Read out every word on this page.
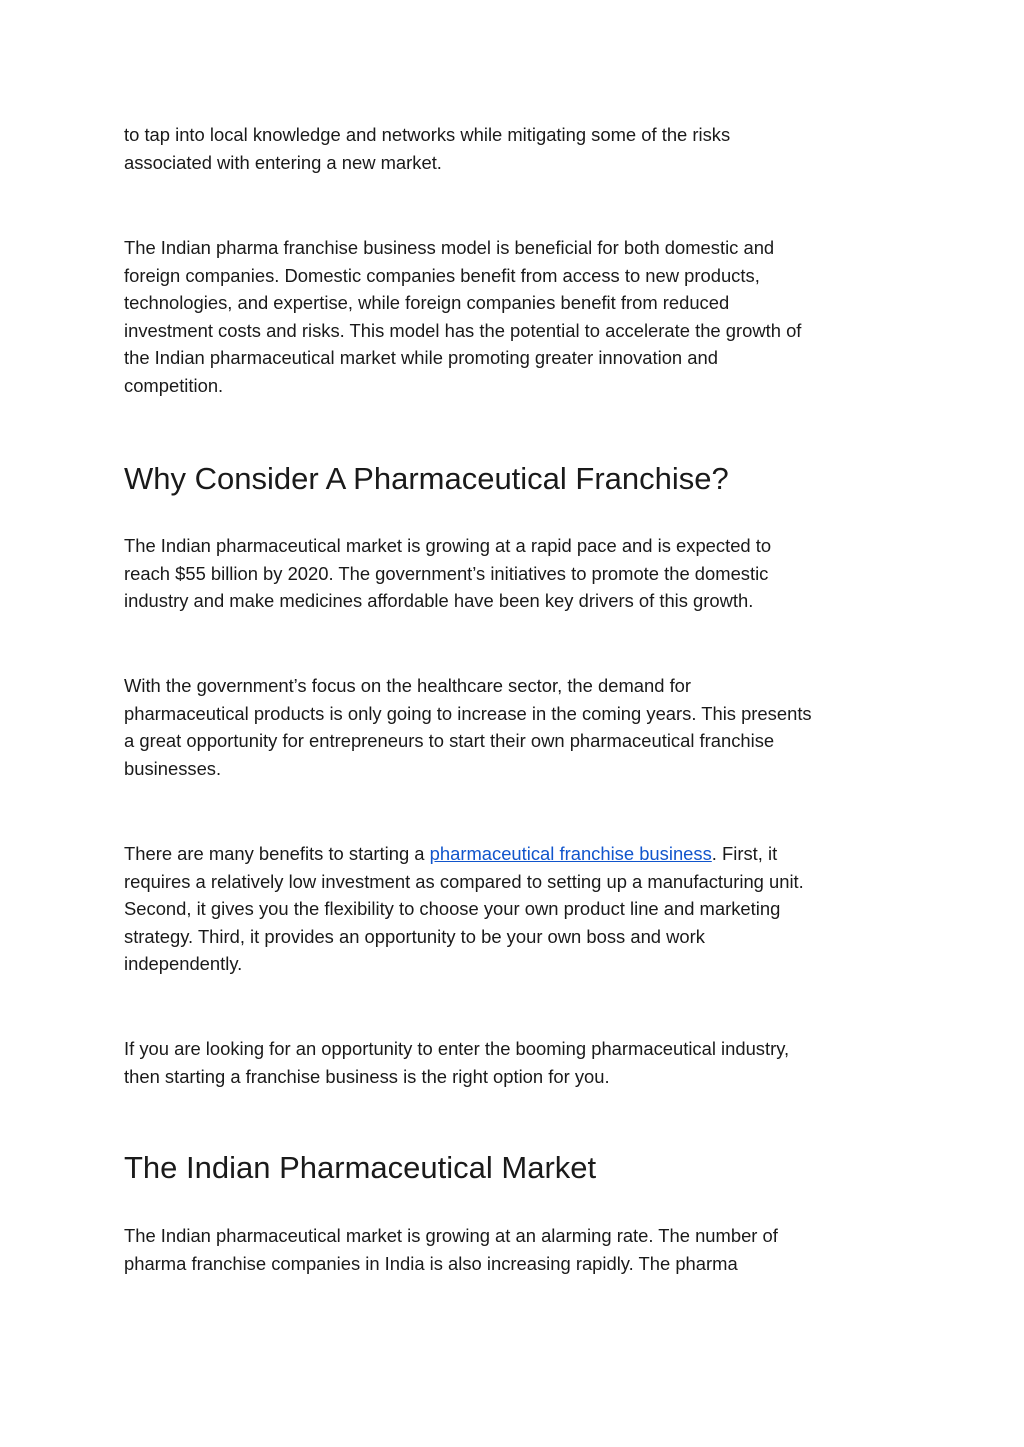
to tap into local knowledge and networks while mitigating some of the risks
associated with entering a new market.

The Indian pharma franchise business model is beneficial for both domestic and
foreign companies. Domestic companies benefit from access to new products,
technologies, and expertise, while foreign companies benefit from reduced
investment costs and risks. This model has the potential to accelerate the growth of
the Indian pharmaceutical market while promoting greater innovation and
competition.

Why Consider A Pharmaceutical Franchise?

The Indian pharmaceutical market is growing at a rapid pace and is expected to
reach $55 billion by 2020. The government’s initiatives to promote the domestic
industry and make medicines affordable have been key drivers of this growth.

With the government’s focus on the healthcare sector, the demand for
pharmaceutical products is only going to increase in the coming years. This presents
a great opportunity for entrepreneurs to start their own pharmaceutical franchise
businesses.

There are many benefits to starting a pharmaceutical franchise business. First, it
requires a relatively low investment as compared to setting up a manufacturing unit.
Second, it gives you the flexibility to choose your own product line and marketing
strategy. Third, it provides an opportunity to be your own boss and work
independently.

If you are looking for an opportunity to enter the booming pharmaceutical industry,
then starting a franchise business is the right option for you.

The Indian Pharmaceutical Market

The Indian pharmaceutical market is growing at an alarming rate. The number of
pharma franchise companies in India is also increasing rapidly. The pharma
